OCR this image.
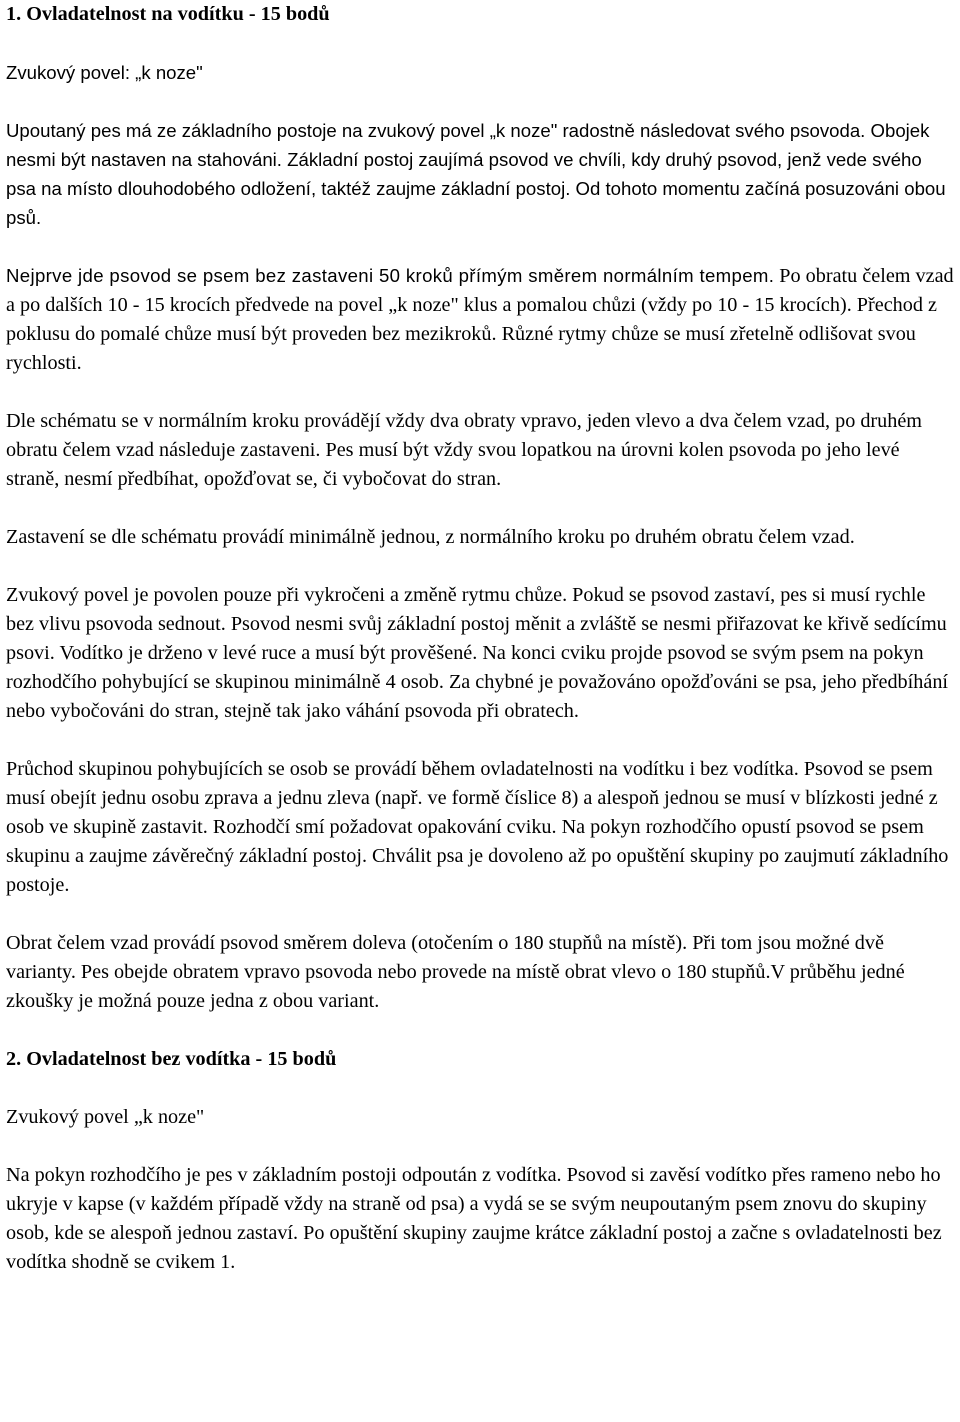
1. Ovladatelnost na vodítku - 15 bodů

Zvukový povel: „k noze"

Upoutaný pes má ze základního postoje na zvukový povel „k noze" radostně následovat svého psovoda. Obojek nesmi být nastaven na stahováni. Základní postoj zaujímá psovod ve chvíli, kdy druhý psovod, jenž vede svého psa na místo dlouhodobého odložení, taktéž zaujme základní postoj. Od tohoto momentu začíná posuzováni obou psů.

Nejprve jde psovod se psem bez zastaveni 50 kroků přímým směrem normálním tempem. Po obratu čelem vzad a po dalších 10 - 15 krocích předvede na povel „k noze" klus a pomalou chůzi (vždy po 10 - 15 krocích). Přechod z poklusu do pomalé chůze musí být proveden bez mezikroků. Různé rytmy chůze se musí zřetelně odlišovat svou rychlosti.

Dle schématu se v normálním kroku provádějí vždy dva obraty vpravo, jeden vlevo a dva čelem vzad, po druhém obratu čelem vzad následuje zastaveni. Pes musí být vždy svou lopatkou na úrovni kolen psovoda po jeho levé straně, nesmí předbíhat, opožďovat se, či vybočovat do stran.

Zastavení se dle schématu provádí minimálně jednou, z normálního kroku po druhém obratu čelem vzad.

Zvukový povel je povolen pouze při vykročeni a změně rytmu chůze. Pokud se psovod zastaví, pes si musí rychle bez vlivu psovoda sednout. Psovod nesmi svůj základní postoj měnit a zvláště se nesmi přiřazovat ke křivě sedícímu psovi. Vodítko je drženo v levé ruce a musí být prověšené. Na konci cviku projde psovod se svým psem na pokyn rozhodčího pohybující se skupinou minimálně 4 osob. Za chybné je považováno opožďováni se psa, jeho předbíhání nebo vybočováni do stran, stejně tak jako váhání psovoda při obratech.

Průchod skupinou pohybujících se osob se provádí během ovladatelnosti na vodítku i bez vodítka. Psovod se psem musí obejít jednu osobu zprava a jednu zleva (např. ve formě číslice 8) a alespoň jednou se musí v blízkosti jedné z osob ve skupině zastavit. Rozhodčí smí požadovat opakování cviku. Na pokyn rozhodčího opustí psovod se psem skupinu a zaujme závěrečný základní postoj. Chválit psa je dovoleno až po opuštění skupiny po zaujmutí základního postoje.

Obrat čelem vzad provádí psovod směrem doleva (otočením o 180 stupňů na místě). Při tom jsou možné dvě varianty. Pes obejde obratem vpravo psovoda nebo provede na místě obrat vlevo o 180 stupňů.V průběhu jedné zkoušky je možná pouze jedna z obou variant.

2. Ovladatelnost bez vodítka - 15 bodů

Zvukový povel „k noze"

Na pokyn rozhodčího je pes v základním postoji odpoután z vodítka. Psovod si zavěsí vodítko přes rameno nebo ho ukryje v kapse (v každém případě vždy na straně od psa) a vydá se se svým neupoutaným psem znovu do skupiny osob, kde se alespoň jednou zastaví. Po opuštění skupiny zaujme krátce základní postoj a začne s ovladatelnosti bez vodítka shodně se cvikem 1.
